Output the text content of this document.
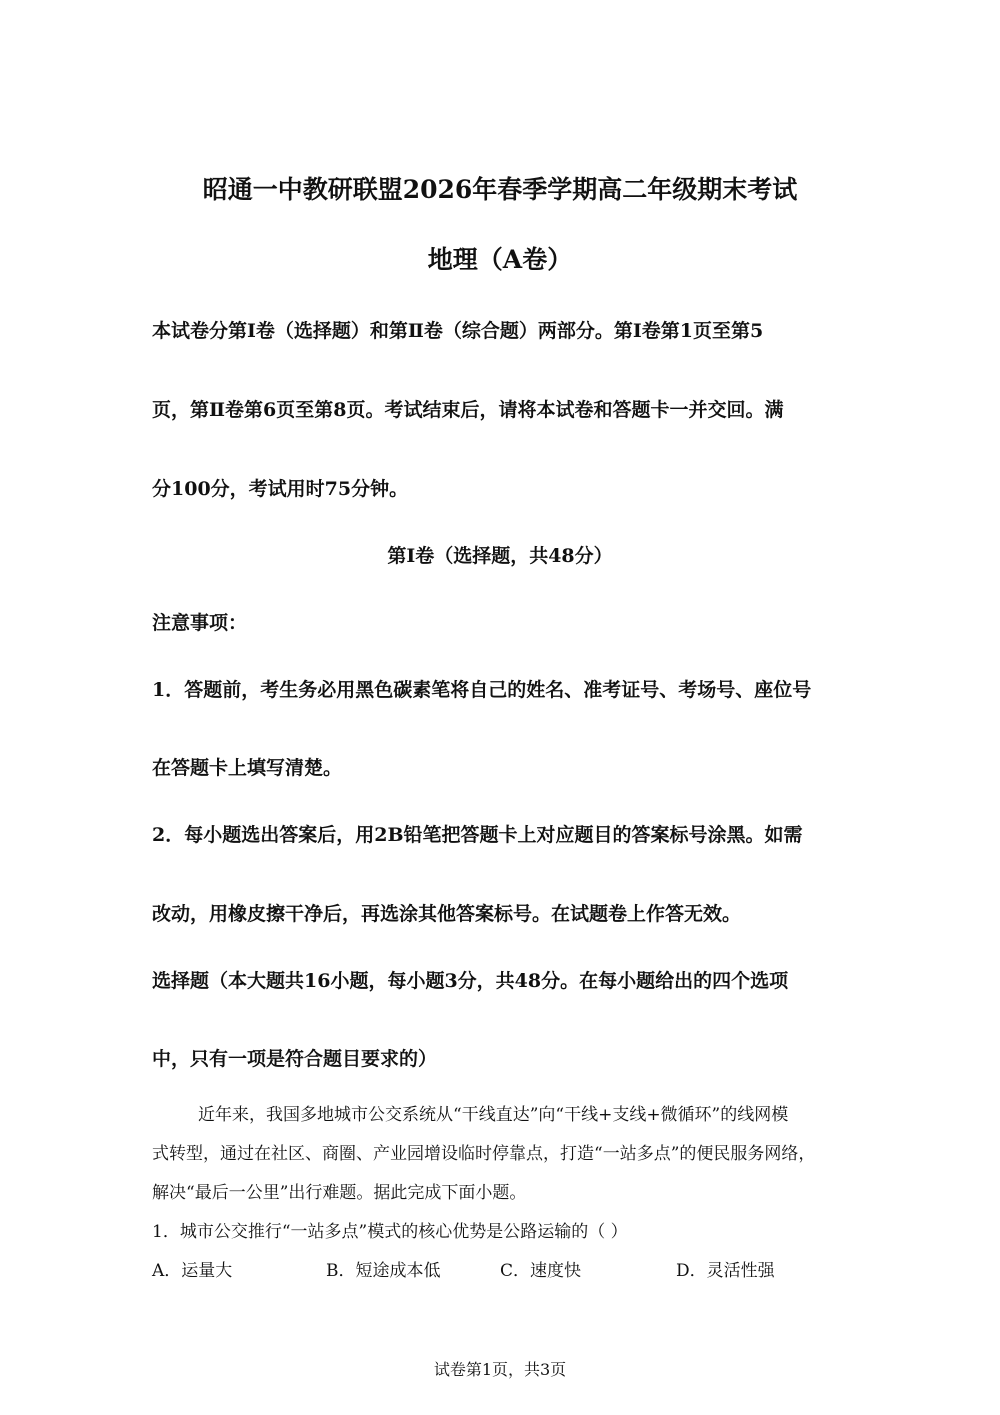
昭通一中教研联盟2026年春季学期高二年级期末考试
地理（A卷）
本试卷分第Ⅰ卷（选择题）和第Ⅱ卷（综合题）两部分。第Ⅰ卷第1页至第5
页，第Ⅱ卷第6页至第8页。考试结束后，请将本试卷和答题卡一并交回。满
分100分，考试用时75分钟。
第Ⅰ卷（选择题，共48分）
注意事项：
1．答题前，考生务必用黑色碳素笔将自己的姓名、准考证号、考场号、座位号
在答题卡上填写清楚。
2．每小题选出答案后，用2B铅笔把答题卡上对应题目的答案标号涂黑。如需
改动，用橡皮擦干净后，再选涂其他答案标号。在试题卷上作答无效。
选择题（本大题共16小题，每小题3分，共48分。在每小题给出的四个选项
中，只有一项是符合题目要求的）
近年来，我国多地城市公交系统从“干线直达”向“干线+支线+微循环”的线网模
式转型，通过在社区、商圈、产业园增设临时停靠点，打造“一站多点”的便民服务网络，
解决“最后一公里”出行难题。据此完成下面小题。
1．城市公交推行“一站多点”模式的核心优势是公路运输的（ ）
A．运量大	B．短途成本低	C．速度快	D．灵活性强
试卷第1页，共3页
